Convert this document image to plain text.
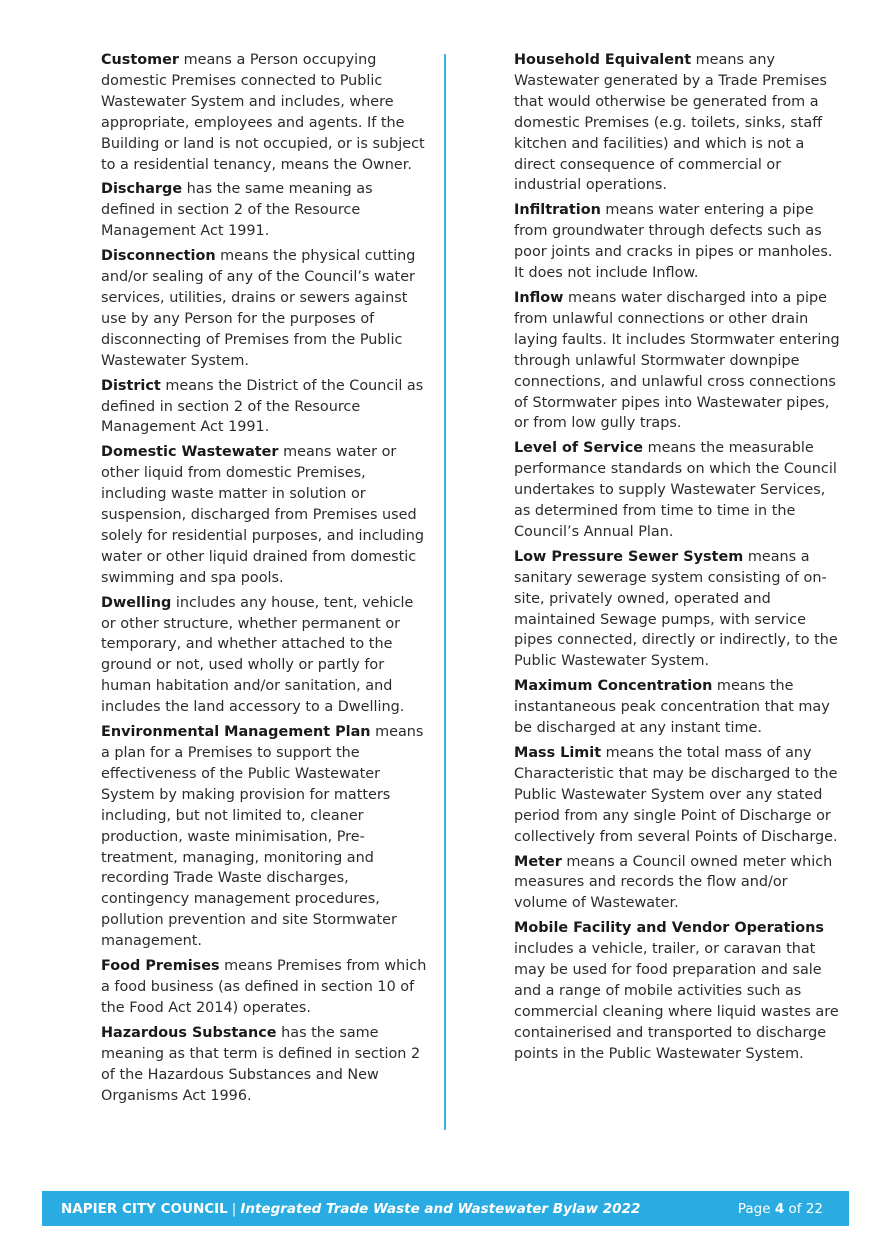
Customer means a Person occupying domestic Premises connected to Public Wastewater System and includes, where appropriate, employees and agents. If the Building or land is not occupied, or is subject to a residential tenancy, means the Owner.

Discharge has the same meaning as defined in section 2 of the Resource Management Act 1991.

Disconnection means the physical cutting and/or sealing of any of the Council’s water services, utilities, drains or sewers against use by any Person for the purposes of disconnecting of Premises from the Public Wastewater System.

District means the District of the Council as defined in section 2 of the Resource Management Act 1991.

Domestic Wastewater means water or other liquid from domestic Premises, including waste matter in solution or suspension, discharged from Premises used solely for residential purposes, and including water or other liquid drained from domestic swimming and spa pools.

Dwelling includes any house, tent, vehicle or other structure, whether permanent or temporary, and whether attached to the ground or not, used wholly or partly for human habitation and/or sanitation, and includes the land accessory to a Dwelling.

Environmental Management Plan means a plan for a Premises to support the effectiveness of the Public Wastewater System by making provision for matters including, but not limited to, cleaner production, waste minimisation, Pre-treatment, managing, monitoring and recording Trade Waste discharges, contingency management procedures, pollution prevention and site Stormwater management.

Food Premises means Premises from which a food business (as defined in section 10 of the Food Act 2014) operates.

Hazardous Substance has the same meaning as that term is defined in section 2 of the Hazardous Substances and New Organisms Act 1996.

Household Equivalent means any Wastewater generated by a Trade Premises that would otherwise be generated from a domestic Premises (e.g. toilets, sinks, staff kitchen and facilities) and which is not a direct consequence of commercial or industrial operations.

Infiltration means water entering a pipe from groundwater through defects such as poor joints and cracks in pipes or manholes. It does not include Inflow.

Inflow means water discharged into a pipe from unlawful connections or other drain laying faults. It includes Stormwater entering through unlawful Stormwater downpipe connections, and unlawful cross connections of Stormwater pipes into Wastewater pipes, or from low gully traps.

Level of Service means the measurable performance standards on which the Council undertakes to supply Wastewater Services, as determined from time to time in the Council’s Annual Plan.

Low Pressure Sewer System means a sanitary sewerage system consisting of on-site, privately owned, operated and maintained Sewage pumps, with service pipes connected, directly or indirectly, to the Public Wastewater System.

Maximum Concentration means the instantaneous peak concentration that may be discharged at any instant time.

Mass Limit means the total mass of any Characteristic that may be discharged to the Public Wastewater System over any stated period from any single Point of Discharge or collectively from several Points of Discharge.

Meter means a Council owned meter which measures and records the flow and/or volume of Wastewater.

Mobile Facility and Vendor Operations includes a vehicle, trailer, or caravan that may be used for food preparation and sale and a range of mobile activities such as commercial cleaning where liquid wastes are containerised and transported to discharge points in the Public Wastewater System.

NAPIER CITY COUNCIL | Integrated Trade Waste and Wastewater Bylaw 2022	Page 4 of 22
